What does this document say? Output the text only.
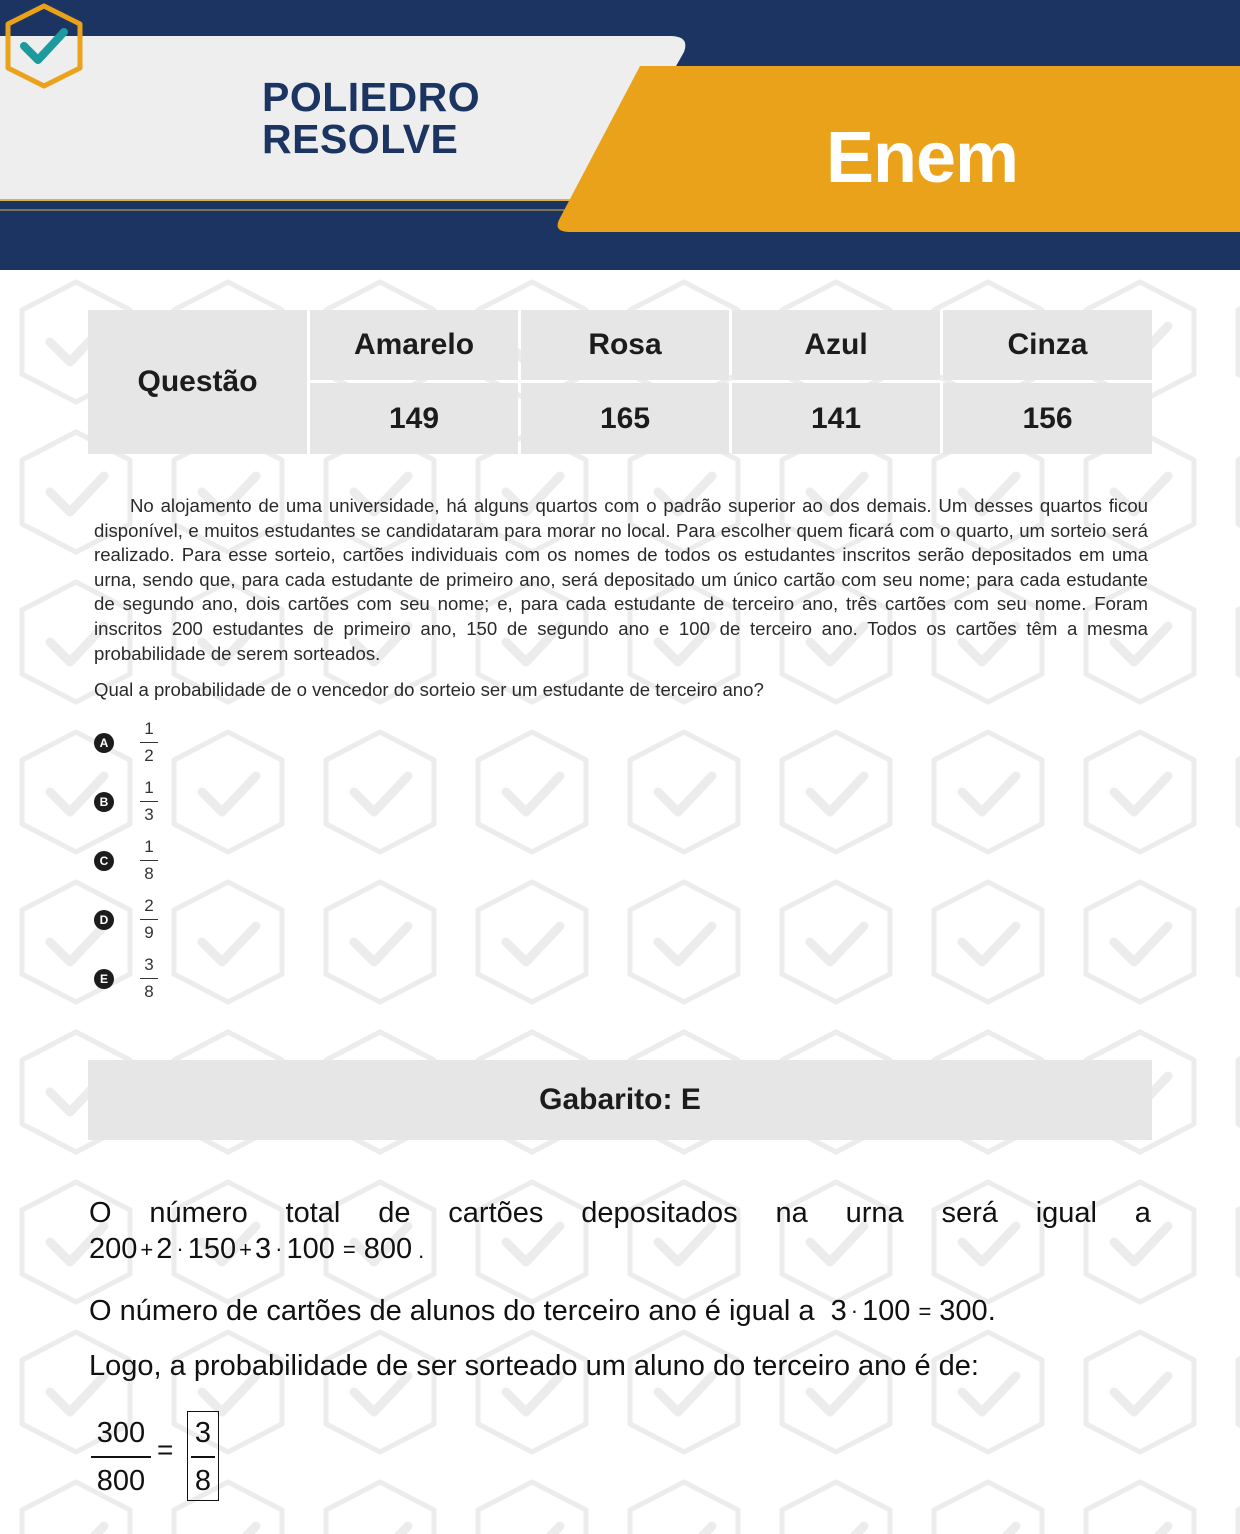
POLIEDRO
RESOLVE	Enem
Questão
Amarelo	Rosa	Azul	Cinza
149	165	141	156

No alojamento de uma universidade, há alguns quartos com o padrão superior ao dos demais. Um desses quartos ficou disponível, e muitos estudantes se candidataram para morar no local. Para escolher quem ficará com o quarto, um sorteio será realizado. Para esse sorteio, cartões individuais com os nomes de todos os estudantes inscritos serão depositados em uma urna, sendo que, para cada estudante de primeiro ano, será depositado um único cartão com seu nome; para cada estudante de segundo ano, dois cartões com seu nome; e, para cada estudante de terceiro ano, três cartões com seu nome. Foram inscritos 200 estudantes de primeiro ano, 150 de segundo ano e 100 de terceiro ano. Todos os cartões têm a mesma probabilidade de serem sorteados.

Qual a probabilidade de o vencedor do sorteio ser um estudante de terceiro ano?
A
1
2
B
1
3
C
1
8
D
2
9
E
3
8
Gabarito: E
O número total de cartões depositados na urna será igual a
200 + 2 · 150 + 3 · 100 = 800 .
O número de cartões de alunos do terceiro ano é igual a 3 · 100 = 300.
Logo, a probabilidade de ser sorteado um aluno do terceiro ano é de:
300
800
=
3
8
